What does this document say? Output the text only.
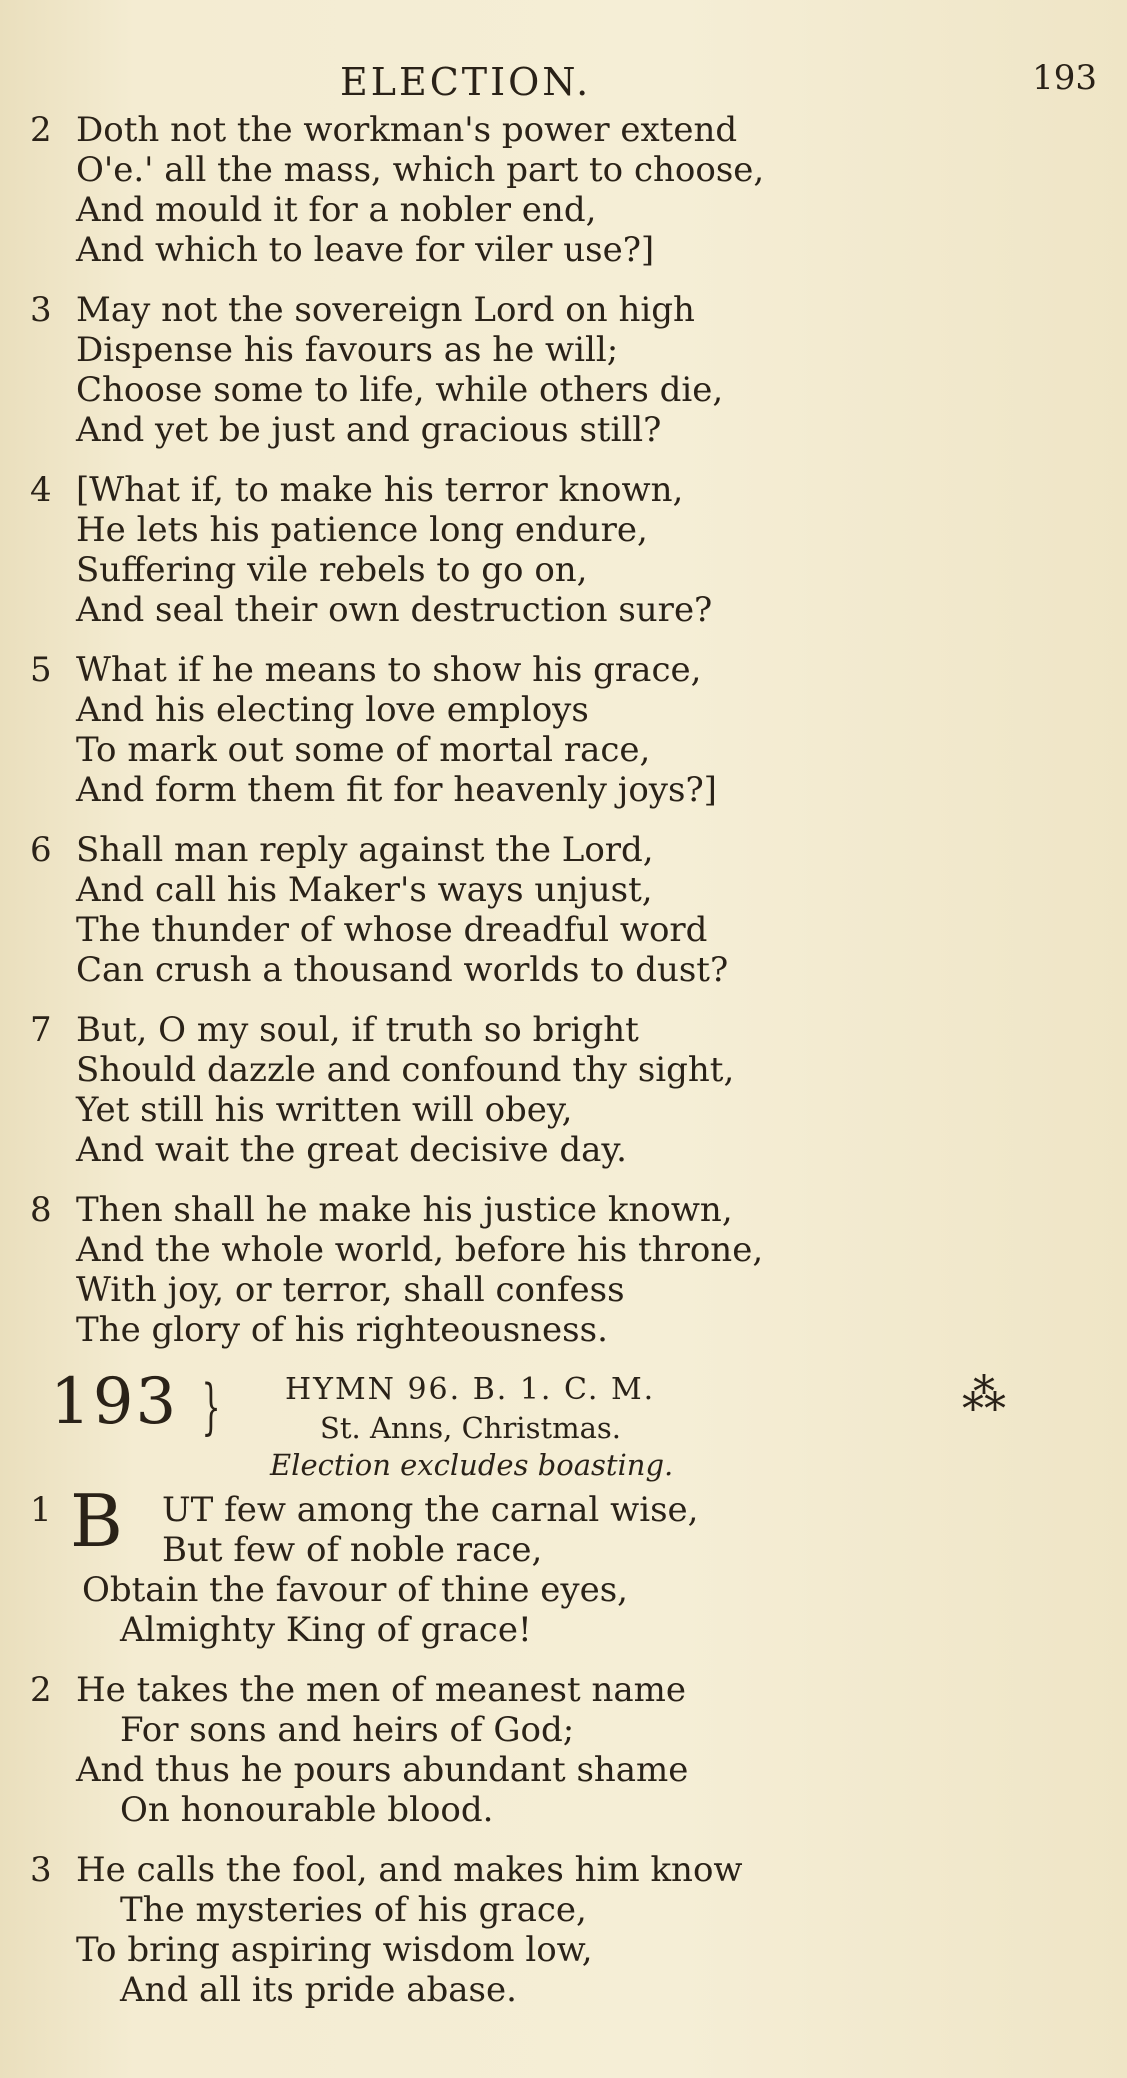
ELECTION.	193
2 Doth not the workman's power extend
O'e.' all the mass, which part to choose,
And mould it for a nobler end,
And which to leave for viler use?]
3 May not the sovereign Lord on high
Dispense his favours as he will;
Choose some to life, while others die,
And yet be just and gracious still?
4 [What if, to make his terror known,
He lets his patience long endure,
Suffering vile rebels to go on,
And seal their own destruction sure?
5 What if he means to show his grace,
And his electing love employs
To mark out some of mortal race,
And form them fit for heavenly joys?]
6 Shall man reply against the Lord,
And call his Maker's ways unjust,
The thunder of whose dreadful word
Can crush a thousand worlds to dust?
7 But, O my soul, if truth so bright
Should dazzle and confound thy sight,
Yet still his written will obey,
And wait the great decisive day.
8 Then shall he make his justice known,
And the whole world, before his throne,
With joy, or terror, shall confess
The glory of his righteousness.
193 } HYMN 96. B. 1. C. M.
St. Anns, Christmas.
Election excludes boasting.
⁂
B
1	UT few among the carnal wise,
But few of noble race,
Obtain the favour of thine eyes,
Almighty King of grace!
2 He takes the men of meanest name
For sons and heirs of God;
And thus he pours abundant shame
On honourable blood.
3 He calls the fool, and makes him know
The mysteries of his grace,
To bring aspiring wisdom low,
And all its pride abase.
